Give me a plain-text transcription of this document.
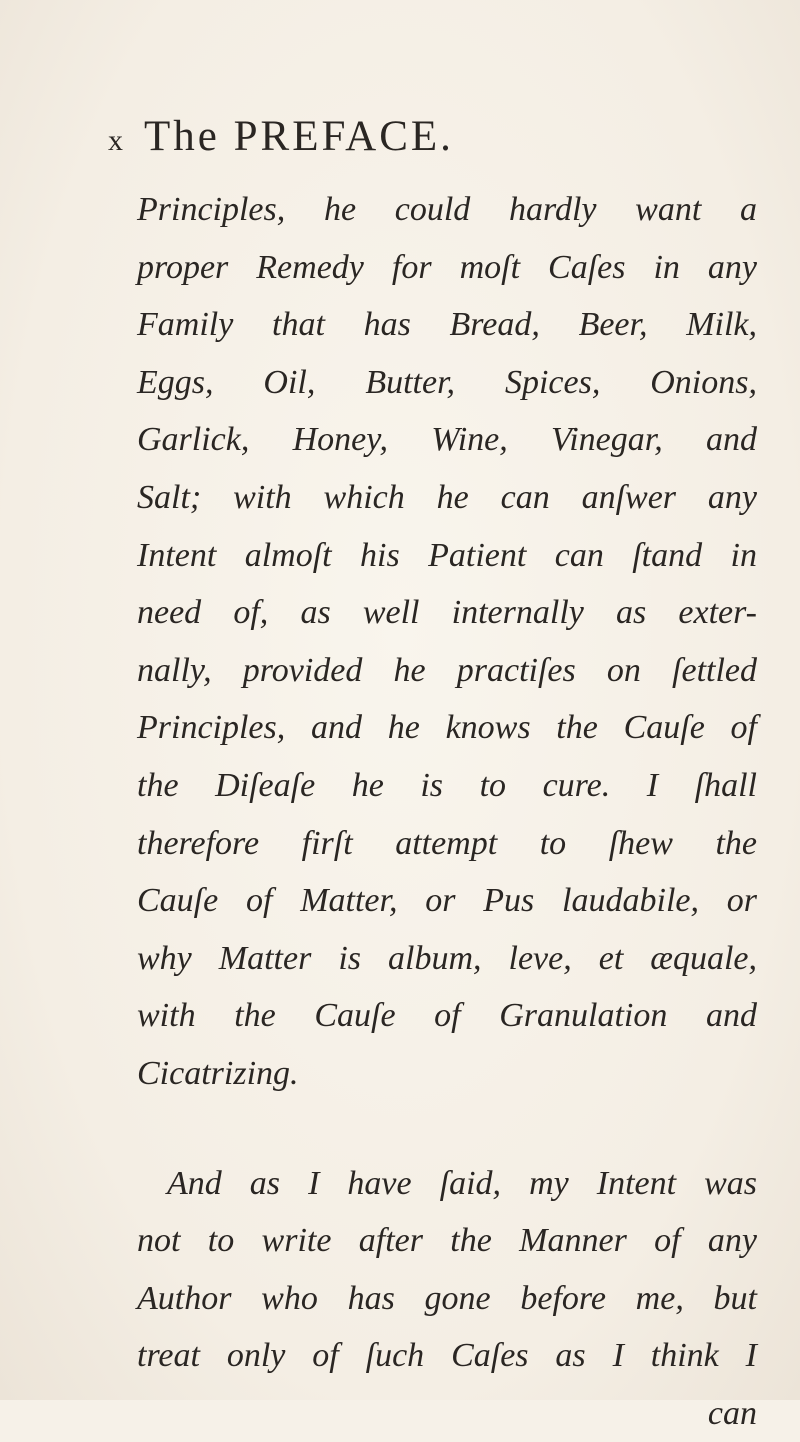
x The PREFACE.
Principles, he could hardly want a
proper Remedy for moſt Caſes in any
Family that has Bread, Beer, Milk,
Eggs, Oil, Butter, Spices, Onions,
Garlick, Honey, Wine, Vinegar, and
Salt; with which he can anſwer any
Intent almoſt his Patient can ſtand in
need of, as well internally as exter-
nally, provided he practiſes on ſettled
Principles, and he knows the Cauſe of
the Diſeaſe he is to cure. I ſhall
therefore firſt attempt to ſhew the
Cauſe of Matter, or Pus laudabile, or
why Matter is album, leve, et æquale,
with the Cauſe of Granulation and
Cicatrizing.
And as I have ſaid, my Intent was
not to write after the Manner of any
Author who has gone before me, but
treat only of ſuch Caſes as I think I
can
